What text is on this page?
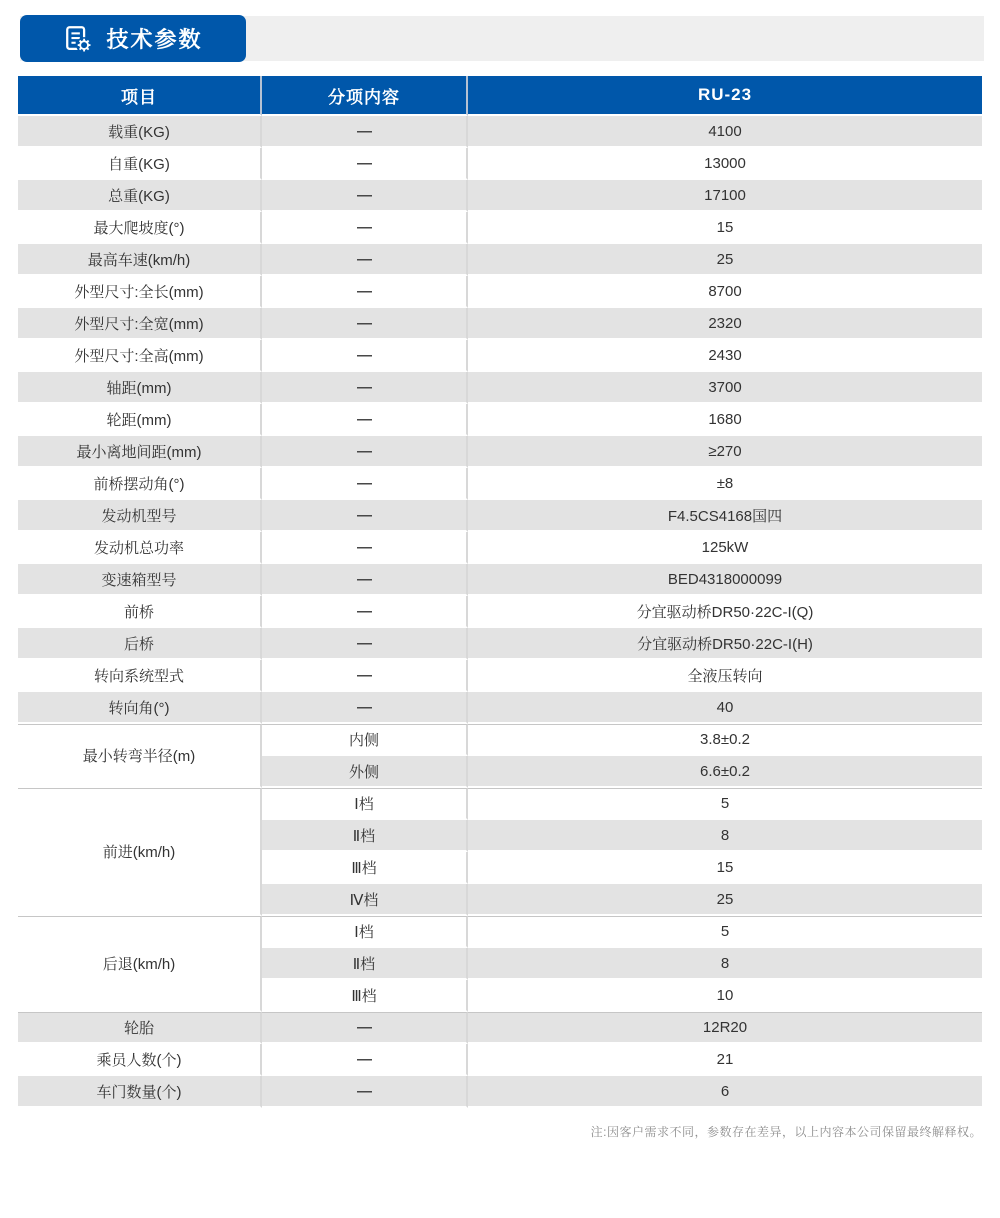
技术参数
项目	分项内容	RU-23
载重(KG)	—	4100
自重(KG)	—	13000
总重(KG)	—	17100
最大爬坡度(°)	—	15
最高车速(km/h)	—	25
外型尺寸:全长(mm)	—	8700
外型尺寸:全宽(mm)	—	2320
外型尺寸:全高(mm)	—	2430
轴距(mm)	—	3700
轮距(mm)	—	1680
最小离地间距(mm)	—	≥270
前桥摆动角(°)	—	±8
发动机型号	—	F4.5CS4168国四
发动机总功率	—	125kW
变速箱型号	—	BED4318000099
前桥	—	分宜驱动桥DR50·22C-I(Q)
后桥	—	分宜驱动桥DR50·22C-I(H)
转向系统型式	—	全液压转向
转向角(°)	—	40
最小转弯半径(m)	内侧	3.8±0.2
	外侧	6.6±0.2
前进(km/h)	Ⅰ档	5
	Ⅱ档	8
	Ⅲ档	15
	Ⅳ档	25
后退(km/h)	Ⅰ档	5
	Ⅱ档	8
	Ⅲ档	10
轮胎	—	12R20
乘员人数(个)	—	21
车门数量(个)	—	6

注:因客户需求不同，参数存在差异，以上内容本公司保留最终解释权。
